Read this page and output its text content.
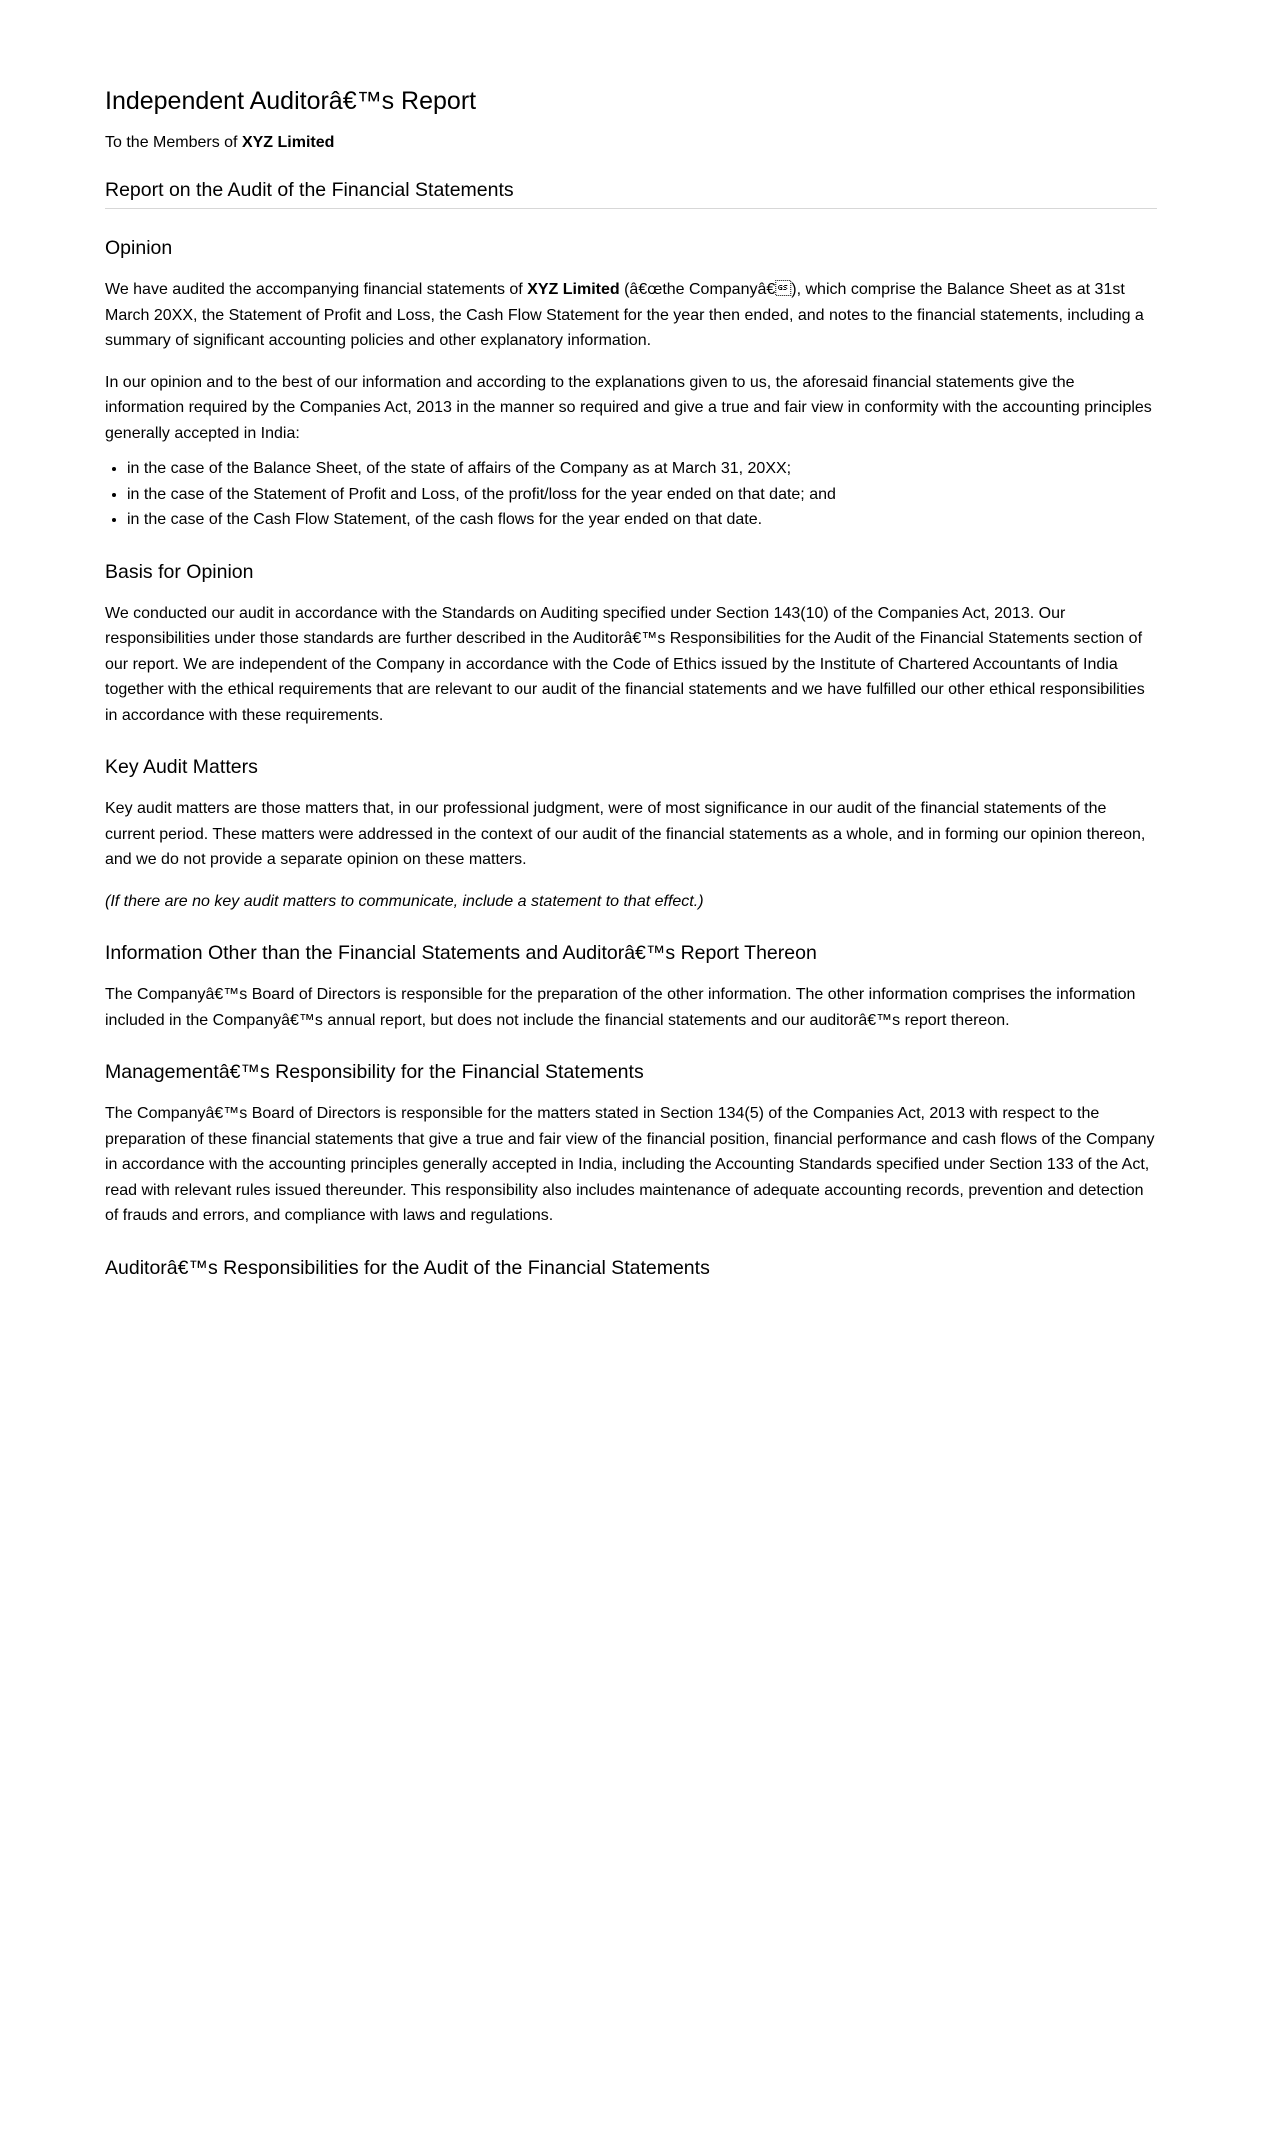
Independent Auditorâ€™s Report
To the Members of XYZ Limited
Report on the Audit of the Financial Statements
Opinion

We have audited the accompanying financial statements of XYZ Limited (â€œthe Companyâ€), which comprise the Balance Sheet as at 31st March 20XX, the Statement of Profit and Loss, the Cash Flow Statement for the year then ended, and notes to the financial statements, including a summary of significant accounting policies and other explanatory information.

In our opinion and to the best of our information and according to the explanations given to us, the aforesaid financial statements give the information required by the Companies Act, 2013 in the manner so required and give a true and fair view in conformity with the accounting principles generally accepted in India:

• in the case of the Balance Sheet, of the state of affairs of the Company as at March 31, 20XX;
• in the case of the Statement of Profit and Loss, of the profit/loss for the year ended on that date; and
• in the case of the Cash Flow Statement, of the cash flows for the year ended on that date.
Basis for Opinion

We conducted our audit in accordance with the Standards on Auditing specified under Section 143(10) of the Companies Act, 2013. Our responsibilities under those standards are further described in the Auditorâ€™s Responsibilities for the Audit of the Financial Statements section of our report. We are independent of the Company in accordance with the Code of Ethics issued by the Institute of Chartered Accountants of India together with the ethical requirements that are relevant to our audit of the financial statements and we have fulfilled our other ethical responsibilities in accordance with these requirements.

Key Audit Matters

Key audit matters are those matters that, in our professional judgment, were of most significance in our audit of the financial statements of the current period. These matters were addressed in the context of our audit of the financial statements as a whole, and in forming our opinion thereon, and we do not provide a separate opinion on these matters.

(If there are no key audit matters to communicate, include a statement to that effect.)

Information Other than the Financial Statements and Auditorâ€™s Report Thereon

The Companyâ€™s Board of Directors is responsible for the preparation of the other information. The other information comprises the information included in the Companyâ€™s annual report, but does not include the financial statements and our auditorâ€™s report thereon.

Managementâ€™s Responsibility for the Financial Statements

The Companyâ€™s Board of Directors is responsible for the matters stated in Section 134(5) of the Companies Act, 2013 with respect to the preparation of these financial statements that give a true and fair view of the financial position, financial performance and cash flows of the Company in accordance with the accounting principles generally accepted in India, including the Accounting Standards specified under Section 133 of the Act, read with relevant rules issued thereunder. This responsibility also includes maintenance of adequate accounting records, prevention and detection of frauds and errors, and compliance with laws and regulations.

Auditorâ€™s Responsibilities for the Audit of the Financial Statements
